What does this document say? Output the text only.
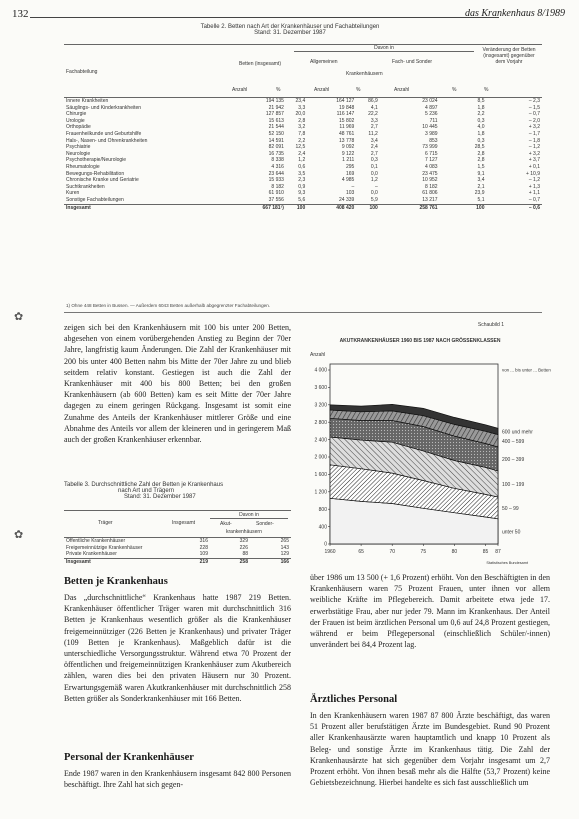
132	das Krankenhaus 8/1989
Tabelle 2. Betten nach Art der Krankenhäuser und Fachabteilungen
Stand: 31. Dezember 1987
Fachabteilung
Betten (insgesamt)
Davon in
Allgemeinen	Fach- und Sonder
Krankenhäusern
Veränderung der Betten (insgesamt) gegenüber dem Vorjahr
Anzahl	%	Anzahl	%	Anzahl	%	%
Innere Krankheiten	194 135	23,4	164 127	86,9	23 024	8,5	– 2,3
Säuglings- und Kinderkrankheiten	21 942	3,3	19 848	4,1	4 897	1,8	– 1,5
Chirurgie	127 857	20,0	116 147	22,2	5 236	2,2	– 0,7
Urologie	15 613	2,8	15 802	3,3	711	0,3	– 2,0
Orthopädie	21 544	3,2	11 969	2,7	10 445	4,0	+ 3,2
Frauenheilkunde und Geburtshilfe	52 150	7,8	48 761	11,2	3 989	1,8	– 1,7
Hals-, Nasen- und Ohrenkrankheiten	14 591	2,2	13 778	3,4	853	0,3	– 1,8
Psychiatrie	82 091	12,5	9 092	2,4	73 999	28,5	– 1,2
Neurologie	16 735	2,4	9 122	2,7	6 715	2,8	+ 3,2
Psychotherapie/Neurologie	8 338	1,2	1 211	0,3	7 127	2,8	+ 3,7
Rheumatologie	4 316	0,6	295	0,1	4 083	1,5	+ 0,1
Bewegungs-Rehabilitation	23 644	3,5	169	0,0	23 475	9,1	+ 10,9
Chronische Kranke und Geriatrie	15 933	2,3	4 985	1,2	10 952	3,4	– 1,2
Suchtkrankheiten	8 182	0,9	–	–	8 182	2,1	+ 1,3
Kuren	61 910	9,3	103	0,0	61 806	23,9	+ 1,1
Sonstige Fachabteilungen	37 556	5,6	24 339	5,9	13 217	5,1	– 0,7
Insgesamt	667 181¹)	100	408 420	100	258 761	100	– 0,6
1) Ohne 448 Betten in Bussen. — Außerdem 6043 Betten außerhalb abgegrenzter Fachabteilungen.
✿
✿
zeigen sich bei den Krankenhäusern mit 100 bis unter 200 Betten, abgesehen von einem vorübergehenden Anstieg zu Beginn der 70er Jahre, langfristig kaum Änderungen. Die Zahl der Krankenhäuser mit 200 bis unter 400 Betten nahm bis Mitte der 70er Jahre zu und blieb seitdem relativ konstant. Gestiegen ist auch die Zahl der Krankenhäuser mit 400 bis 800 Betten; bei den großen Krankenhäusern (ab 600 Betten) kam es seit Mitte der 70er Jahre dagegen zu einem geringen Rückgang. Insgesamt ist somit eine Zunahme des Anteils der Krankenhäuser mittlerer Größe und eine Abnahme des Anteils vor allem der kleineren und in geringerem Maß auch der großen Krankenhäuser erkennbar.
Tabelle 3. Durchschnittliche Zahl der Betten je Krankenhaus
nach Art und Trägern
Stand: 31. Dezember 1987
Träger	Insgesamt
Davon in
Akut-	Sonder-
krankenhäusern
Öffentliche Krankenhäuser	316	329	265
Freigemeinnützige Krankenhäuser	228	226	143
Private Krankenhäuser	109	88	129
Insgesamt	219	258	166
Betten je Krankenhaus
Das „durchschnittliche“ Krankenhaus hatte 1987 219 Betten. Krankenhäuser öffentlicher Träger waren mit durchschnittlich 316 Betten je Krankenhaus wesentlich größer als die Krankenhäuser freigemeinnütziger (226 Betten je Krankenhaus) und privater Träger (109 Betten je Krankenhaus). Maßgeblich dafür ist die unterschiedliche Versorgungsstruktur. Während etwa 70 Prozent der öffentlichen und freigemeinnützigen Krankenhäuser zum Akutbereich zählen, waren dies bei den privaten Häusern nur 30 Prozent. Erwartungsgemäß waren Akutkrankenhäuser mit durchschnittlich 258 Betten größer als Sonderkrankenhäuser mit 166 Betten.
Personal der Krankenhäuser
Ende 1987 waren in den Krankenhäusern insgesamt 842 800 Personen beschäftigt. Ihre Zahl hat sich gegen-
Schaubild 1
AKUTKRANKENHÄUSER 1960 BIS 1987 NACH GRÖSSENKLASSEN
Anzahl
unter 50
50 – 99
100 – 199
200 – 399
400 – 599
600 und mehr
von ... bis unter ... Betten
0
400
800
1 200
1 600
2 000
2 400
2 800
3 200
3 600
4 000
1960	65	70	75	80	85 87
Statistisches Bundesamt
über 1986 um 13 500 (+ 1,6 Prozent) erhöht. Von den Beschäftigten in den Krankenhäusern waren 75 Prozent Frauen, unter ihnen vor allem weibliche Kräfte im Pflegebereich. Damit arbeitete etwa jede 17. erwerbstätige Frau, aber nur jeder 79. Mann im Krankenhaus. Der Anteil der Frauen ist beim ärztlichen Personal um 0,6 auf 24,8 Prozent gestiegen, während er beim Pflegepersonal (einschließlich Schüler/-innen) unverändert bei 84,4 Prozent lag.
Ärztliches Personal
In den Krankenhäusern waren 1987 87 800 Ärzte beschäftigt, das waren 51 Prozent aller berufstätigen Ärzte im Bundesgebiet. Rund 90 Prozent aller Krankenhausärzte waren hauptamtlich und knapp 10 Prozent als Beleg- und sonstige Ärzte im Krankenhaus tätig. Die Zahl der Krankenhausärzte hat sich gegenüber dem Vorjahr insgesamt um 2,7 Prozent erhöht. Von ihnen besaß mehr als die Hälfte (53,7 Prozent) keine Gebietsbezeichnung. Hierbei handelte es sich fast ausschließlich um
